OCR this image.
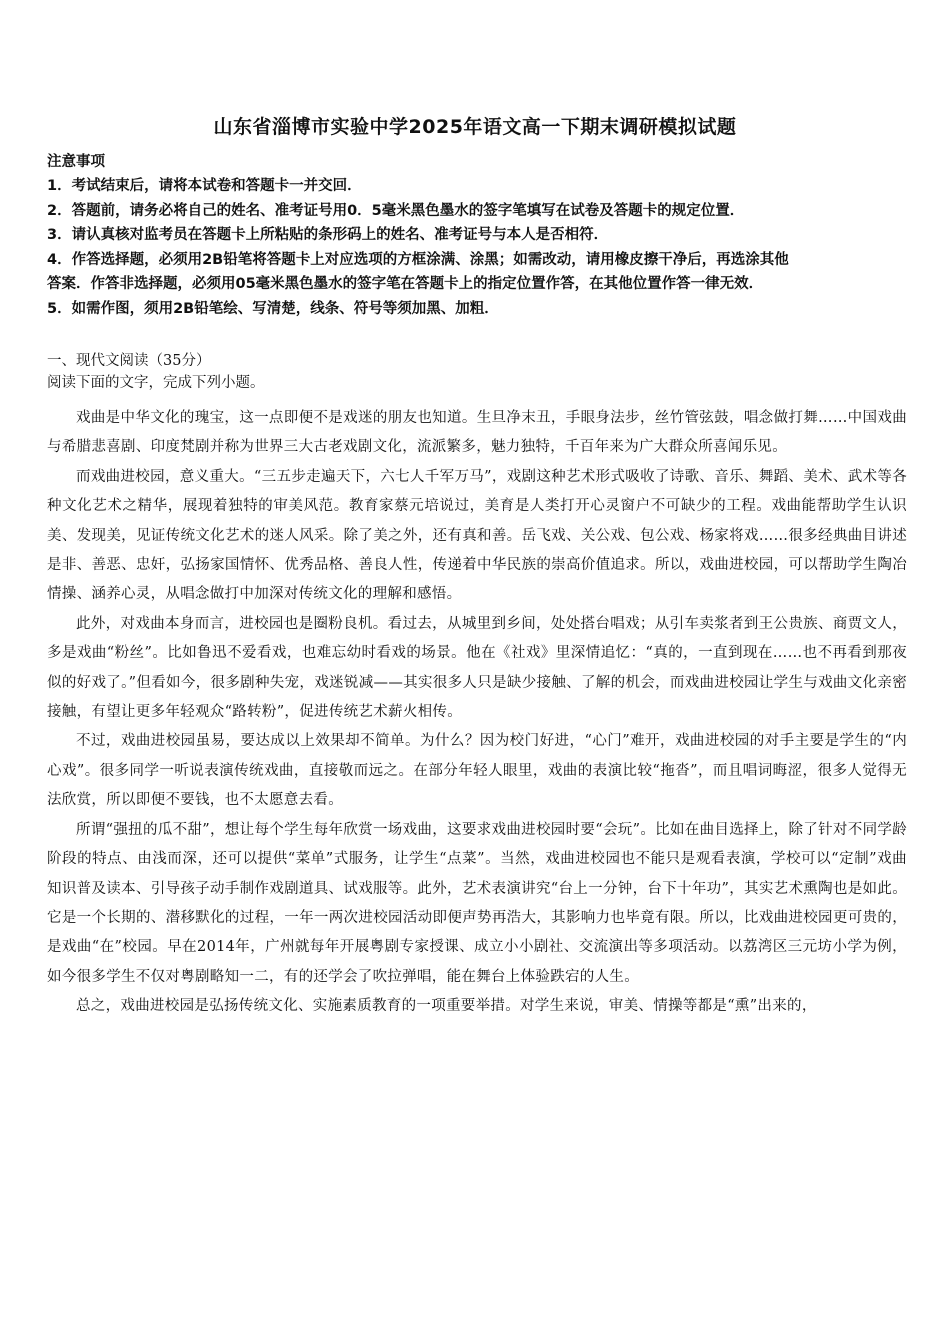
山东省淄博市实验中学2025年语文高一下期末调研模拟试题
注意事项
1．考试结束后，请将本试卷和答题卡一并交回．
2．答题前，请务必将自己的姓名、准考证号用0．5毫米黑色墨水的签字笔填写在试卷及答题卡的规定位置．
3．请认真核对监考员在答题卡上所粘贴的条形码上的姓名、准考证号与本人是否相符．
4．作答选择题，必须用2B铅笔将答题卡上对应选项的方框涂满、涂黑；如需改动，请用橡皮擦干净后，再选涂其他
答案．作答非选择题，必须用05毫米黑色墨水的签字笔在答题卡上的指定位置作答，在其他位置作答一律无效．
5．如需作图，须用2B铅笔绘、写清楚，线条、符号等须加黑、加粗．
一、现代文阅读（35分）
阅读下面的文字，完成下列小题。

戏曲是中华文化的瑰宝，这一点即便不是戏迷的朋友也知道。生旦净末丑，手眼身法步，丝竹管弦鼓，唱念做打舞……中国戏曲与希腊悲喜剧、印度梵剧并称为世界三大古老戏剧文化，流派繁多，魅力独特，千百年来为广大群众所喜闻乐见。

而戏曲进校园，意义重大。“三五步走遍天下，六七人千军万马”，戏剧这种艺术形式吸收了诗歌、音乐、舞蹈、美术、武术等各种文化艺术之精华，展现着独特的审美风范。教育家蔡元培说过，美育是人类打开心灵窗户不可缺少的工程。戏曲能帮助学生认识美、发现美，见证传统文化艺术的迷人风采。除了美之外，还有真和善。岳飞戏、关公戏、包公戏、杨家将戏……很多经典曲目讲述是非、善恶、忠奸，弘扬家国情怀、优秀品格、善良人性，传递着中华民族的崇高价值追求。所以，戏曲进校园，可以帮助学生陶冶情操、涵养心灵，从唱念做打中加深对传统文化的理解和感悟。

此外，对戏曲本身而言，进校园也是圈粉良机。看过去，从城里到乡间，处处搭台唱戏；从引车卖浆者到王公贵族、商贾文人，多是戏曲“粉丝”。比如鲁迅不爱看戏，也难忘幼时看戏的场景。他在《社戏》里深情追忆：“真的，一直到现在……也不再看到那夜似的好戏了。”但看如今，很多剧种失宠，戏迷锐减——其实很多人只是缺少接触、了解的机会，而戏曲进校园让学生与戏曲文化亲密接触，有望让更多年轻观众“路转粉”，促进传统艺术薪火相传。

不过，戏曲进校园虽易，要达成以上效果却不简单。为什么？因为校门好进，“心门”难开，戏曲进校园的对手主要是学生的“内心戏”。很多同学一听说表演传统戏曲，直接敬而远之。在部分年轻人眼里，戏曲的表演比较“拖沓”，而且唱词晦涩，很多人觉得无法欣赏，所以即便不要钱，也不太愿意去看。

所谓“强扭的瓜不甜”，想让每个学生每年欣赏一场戏曲，这要求戏曲进校园时要“会玩”。比如在曲目选择上，除了针对不同学龄阶段的特点、由浅而深，还可以提供“菜单”式服务，让学生“点菜”。当然，戏曲进校园也不能只是观看表演，学校可以“定制”戏曲知识普及读本、引导孩子动手制作戏剧道具、试戏服等。此外，艺术表演讲究“台上一分钟，台下十年功”，其实艺术熏陶也是如此。它是一个长期的、潜移默化的过程，一年一两次进校园活动即便声势再浩大，其影响力也毕竟有限。所以，比戏曲进校园更可贵的，是戏曲“在”校园。早在2014年，广州就每年开展粤剧专家授课、成立小小剧社、交流演出等多项活动。以荔湾区三元坊小学为例，如今很多学生不仅对粤剧略知一二，有的还学会了吹拉弹唱，能在舞台上体验跌宕的人生。

总之，戏曲进校园是弘扬传统文化、实施素质教育的一项重要举措。对学生来说，审美、情操等都是“熏”出来的，
